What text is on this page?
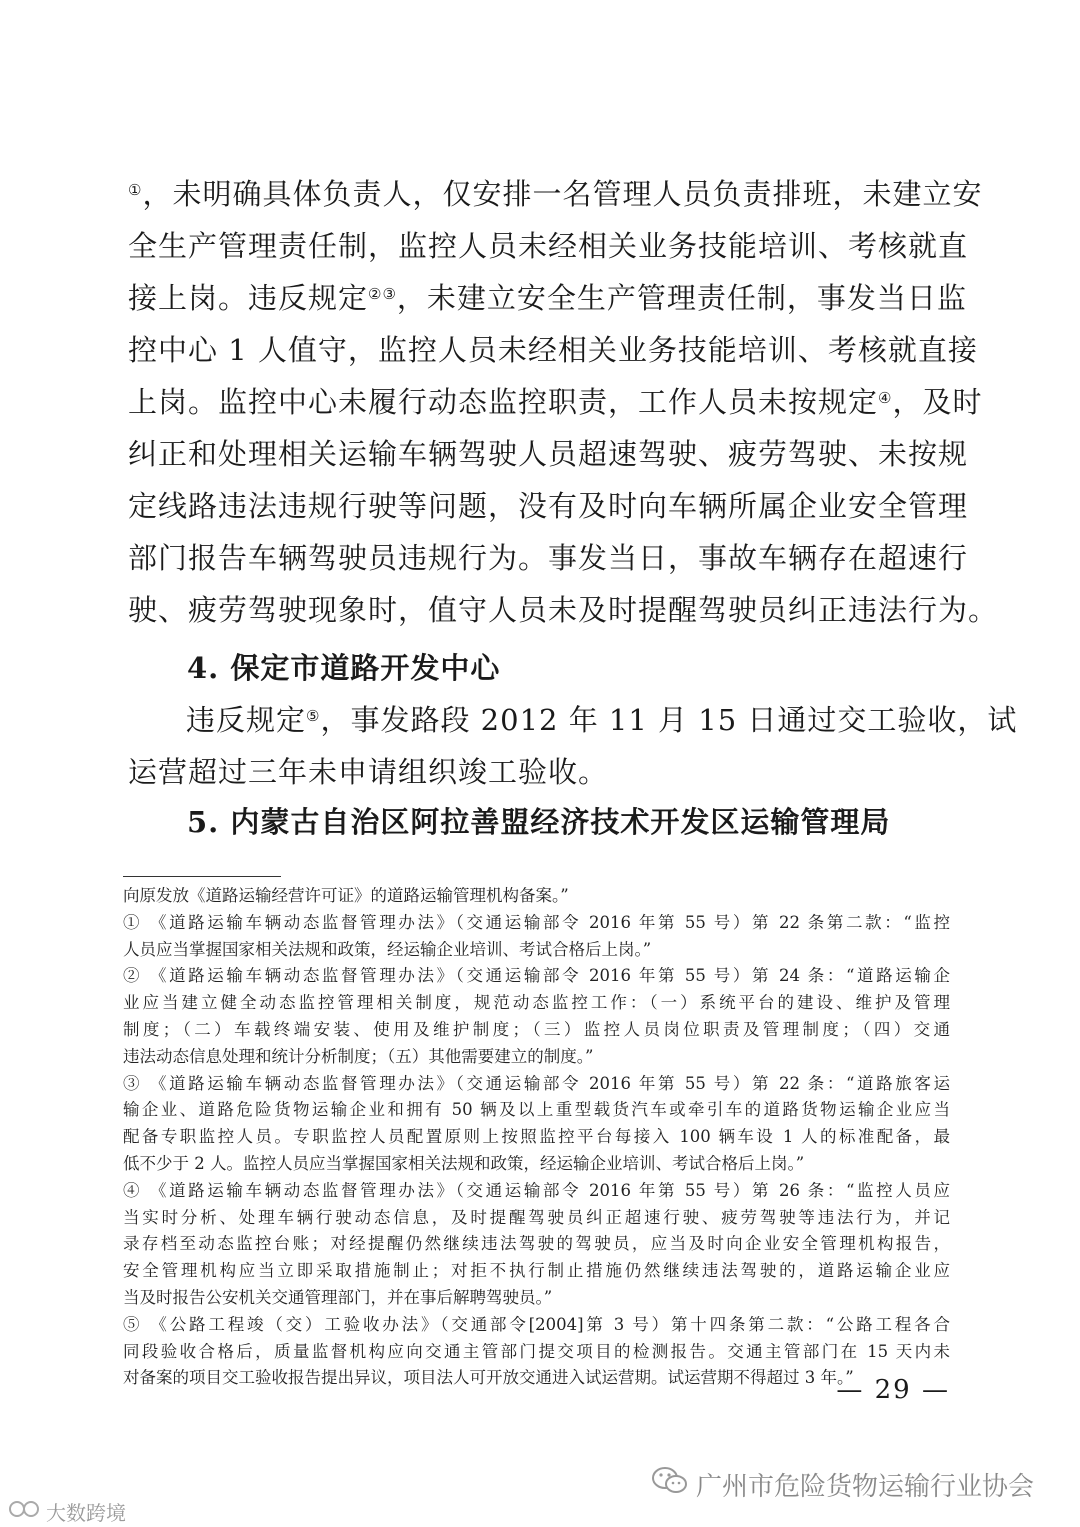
①，未明确具体负责人，仅安排一名管理人员负责排班，未建立安
全生产管理责任制，监控人员未经相关业务技能培训、考核就直
接上岗。违反规定②③，未建立安全生产管理责任制，事发当日监
控中心 1 人值守，监控人员未经相关业务技能培训、考核就直接
上岗。监控中心未履行动态监控职责，工作人员未按规定④，及时
纠正和处理相关运输车辆驾驶人员超速驾驶、疲劳驾驶、未按规
定线路违法违规行驶等问题，没有及时向车辆所属企业安全管理
部门报告车辆驾驶员违规行为。事发当日，事故车辆存在超速行
驶、疲劳驾驶现象时，值守人员未及时提醒驾驶员纠正违法行为。
4. 保定市道路开发中心
违反规定⑤，事发路段 2012 年 11 月 15 日通过交工验收，试
运营超过三年未申请组织竣工验收。
5. 内蒙古自治区阿拉善盟经济技术开发区运输管理局
向原发放《道路运输经营许可证》的道路运输管理机构备案。”
① 《道路运输车辆动态监督管理办法》（交通运输部令 2016 年第 55 号）第 22 条第二款：“监控
人员应当掌握国家相关法规和政策，经运输企业培训、考试合格后上岗。”
② 《道路运输车辆动态监督管理办法》（交通运输部令 2016 年第 55 号）第 24 条：“道路运输企
业应当建立健全动态监控管理相关制度，规范动态监控工作：（一）系统平台的建设、维护及管理
制度；（二）车载终端安装、使用及维护制度；（三）监控人员岗位职责及管理制度；（四）交通
违法动态信息处理和统计分析制度；（五）其他需要建立的制度。”
③ 《道路运输车辆动态监督管理办法》（交通运输部令 2016 年第 55 号）第 22 条：“道路旅客运
输企业、道路危险货物运输企业和拥有 50 辆及以上重型载货汽车或牵引车的道路货物运输企业应当
配备专职监控人员。专职监控人员配置原则上按照监控平台每接入 100 辆车设 1 人的标准配备，最
低不少于 2 人。监控人员应当掌握国家相关法规和政策，经运输企业培训、考试合格后上岗。”
④ 《道路运输车辆动态监督管理办法》（交通运输部令 2016 年第 55 号）第 26 条：“监控人员应
当实时分析、处理车辆行驶动态信息，及时提醒驾驶员纠正超速行驶、疲劳驾驶等违法行为，并记
录存档至动态监控台账；对经提醒仍然继续违法驾驶的驾驶员，应当及时向企业安全管理机构报告，
安全管理机构应当立即采取措施制止；对拒不执行制止措施仍然继续违法驾驶的，道路运输企业应
当及时报告公安机关交通管理部门，并在事后解聘驾驶员。”
⑤ 《公路工程竣（交）工验收办法》（交通部令[2004]第 3 号）第十四条第二款：“公路工程各合
同段验收合格后，质量监督机构应向交通主管部门提交项目的检测报告。交通主管部门在 15 天内未
对备案的项目交工验收报告提出异议，项目法人可开放交通进入试运营期。试运营期不得超过 3 年。”
— 29 —
广州市危险货物运输行业协会
大数跨境
